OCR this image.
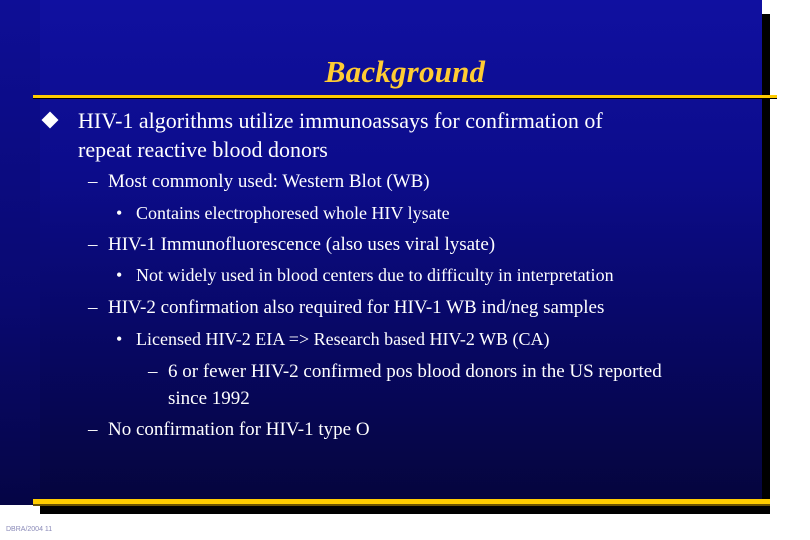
Background
HIV-1 algorithms utilize immunoassays for confirmation of
repeat reactive blood donors
– Most commonly used: Western Blot (WB)
• Contains electrophoresed whole HIV lysate
– HIV-1 Immunofluorescence (also uses viral lysate)
• Not widely used in blood centers due to difficulty in interpretation
– HIV-2 confirmation also required for HIV-1 WB ind/neg samples
• Licensed HIV-2 EIA => Research based HIV-2 WB (CA)
– 6 or fewer HIV-2 confirmed pos blood donors in the US reported
since 1992
– No confirmation for HIV-1 type O
DBRA/2004 11
